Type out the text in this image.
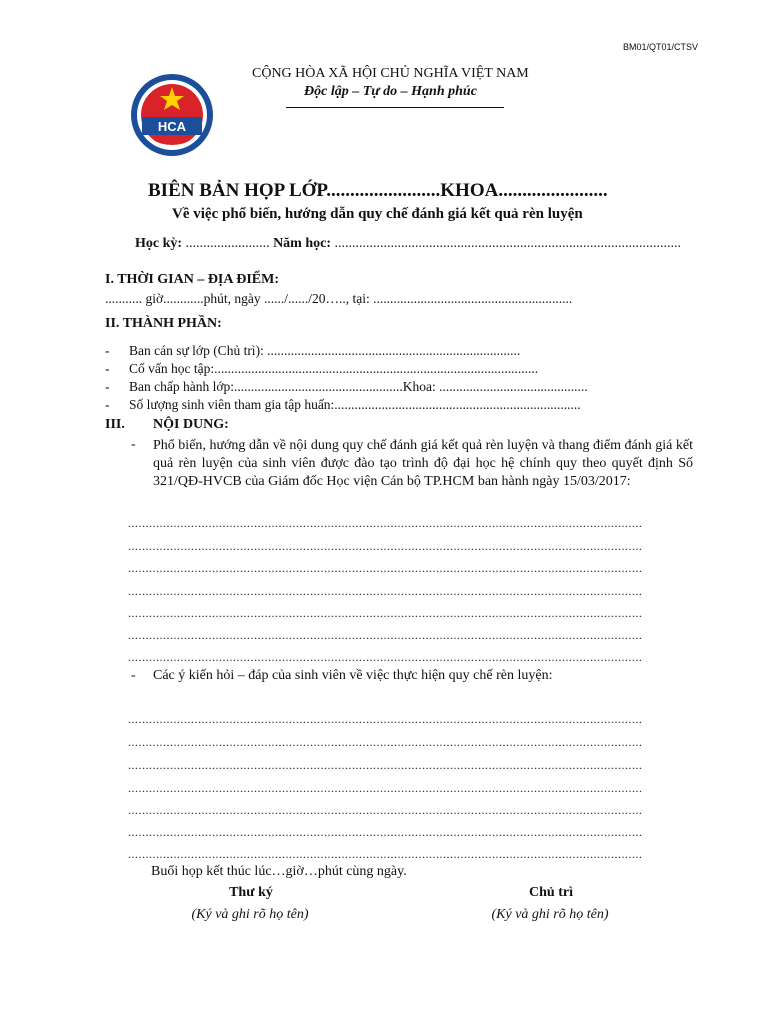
BM01/QT01/CTSV
HCA
CỘNG HÒA XÃ HỘI CHỦ NGHĨA VIỆT NAM
Độc lập – Tự do – Hạnh phúc
BIÊN BẢN HỌP LỚP........................KHOA.......................
Về việc phổ biến, hướng dẫn quy chế đánh giá kết quả rèn luyện
Học kỳ: ........................ Năm học: ...................................................................................................
I. THỜI GIAN – ĐỊA ĐIỂM:
........... giờ............phút, ngày ....../....../20….., tại: ...........................................................
II. THÀNH PHẦN:
- Ban cán sự lớp (Chủ trì): ...........................................................................
- Cố vấn học tập:................................................................................................
- Ban chấp hành lớp:..................................................Khoa: ............................................
- Số lượng sinh viên tham gia tập huấn:.........................................................................
III. NỘI DUNG:
- Phổ biến, hướng dẫn về nội dung quy chế đánh giá kết quả rèn luyện và thang điểm đánh giá kết quả rèn luyện của sinh viên được đào tạo trình độ đại học hệ chính quy theo quyết định Số 321/QĐ-HVCB của Giám đốc Học viện Cán bộ TP.HCM ban hành ngày 15/03/2017:
...................................................................................................................................................
...................................................................................................................................................
...................................................................................................................................................
...................................................................................................................................................
...................................................................................................................................................
...................................................................................................................................................
...................................................................................................................................................
- Các ý kiến hỏi – đáp của sinh viên về việc thực hiện quy chế rèn luyện:
...................................................................................................................................................
...................................................................................................................................................
...................................................................................................................................................
...................................................................................................................................................
...................................................................................................................................................
...................................................................................................................................................
...................................................................................................................................................
Buổi họp kết thúc lúc…giờ…phút cùng ngày.
Thư ký
(Ký và ghi rõ họ tên)
Chủ trì
(Ký và ghi rõ họ tên)
